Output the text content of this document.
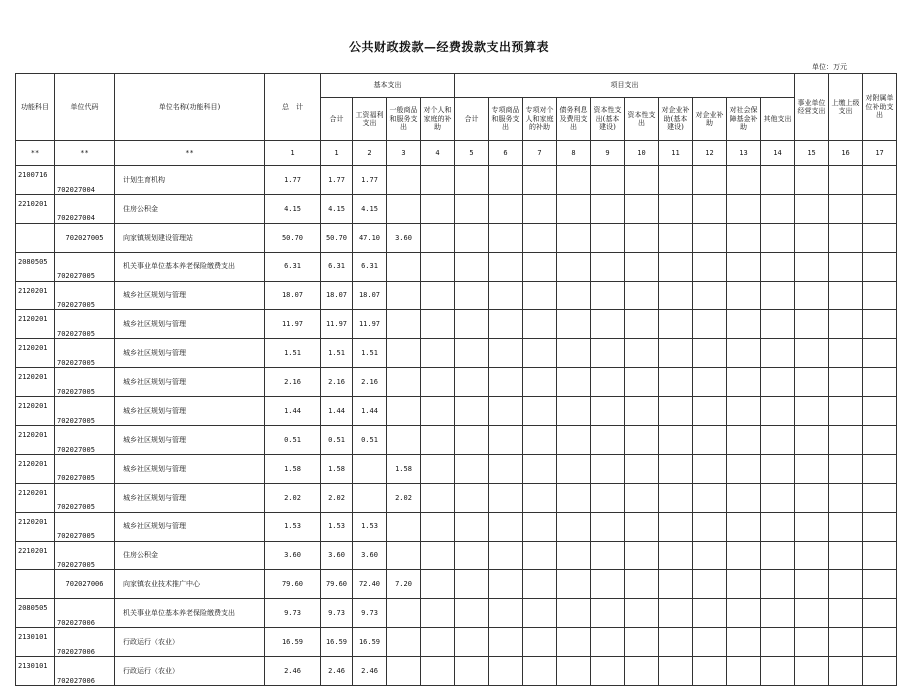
公共财政拨款—经费拨款支出预算表
单位：万元
功能科目	单位代码	单位名称(功能科目)	总　计	基本支出				项目支出										事业单位经营支出	上缴上级支出	对附属单位补助支出
				合计	工资福利支出	一般商品和服务支出	对个人和家庭的补助	合计	专项商品和服务支出	专项对个人和家庭的补助	债务利息及费用支出	资本性支出(基本建设)	资本性支出	对企业补助(基本建设)	对企业补助	对社会保障基金补助	其他支出			
**	**	**	1	1	2	3	4	5	6	7	8	9	10	11	12	13	14	15	16	17
2100716	702027004	计划生育机构	1.77	1.77	1.77															
2210201	702027004	住房公积金	4.15	4.15	4.15															
	702027005	向家镇规划建设管理站	50.70	50.70	47.10	3.60														
2080505	702027005	机关事业单位基本养老保险缴费支出	6.31	6.31	6.31															
2120201	702027005	城乡社区规划与管理	18.07	18.07	18.07															
2120201	702027005	城乡社区规划与管理	11.97	11.97	11.97															
2120201	702027005	城乡社区规划与管理	1.51	1.51	1.51															
2120201	702027005	城乡社区规划与管理	2.16	2.16	2.16															
2120201	702027005	城乡社区规划与管理	1.44	1.44	1.44															
2120201	702027005	城乡社区规划与管理	0.51	0.51	0.51															
2120201	702027005	城乡社区规划与管理	1.58	1.58		1.58														
2120201	702027005	城乡社区规划与管理	2.02	2.02		2.02														
2120201	702027005	城乡社区规划与管理	1.53	1.53	1.53															
2210201	702027005	住房公积金	3.60	3.60	3.60															
	702027006	向家镇农业技术推广中心	79.60	79.60	72.40	7.20														
2080505	702027006	机关事业单位基本养老保险缴费支出	9.73	9.73	9.73															
2130101	702027006	行政运行（农业）	16.59	16.59	16.59															
2130101	702027006	行政运行（农业）	2.46	2.46	2.46															
